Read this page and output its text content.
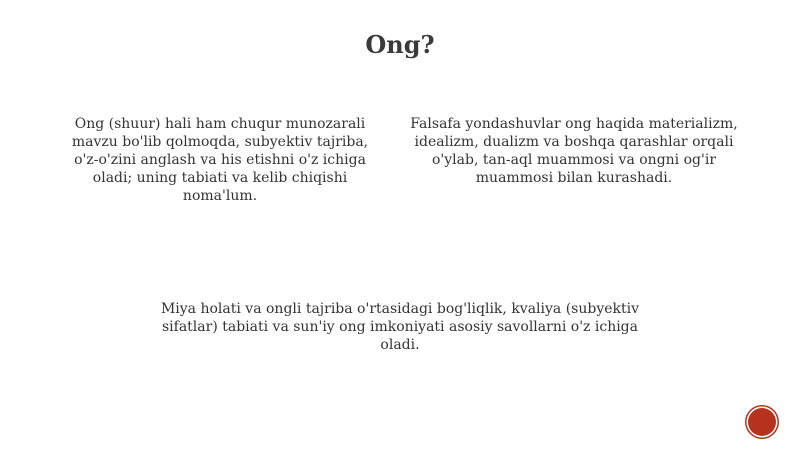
Ong?
Ong (shuur) hali ham chuqur munozarali mavzu bo'lib qolmoqda, subyektiv tajriba, o'z-o'zini anglash va his etishni o'z ichiga oladi; uning tabiati va kelib chiqishi noma'lum.
Falsafa yondashuvlar ong haqida materializm, idealizm, dualizm va boshqa qarashlar orqali o'ylab, tan-aql muammosi va ongni og'ir muammosi bilan kurashadi.
Miya holati va ongli tajriba o'rtasidagi bog'liqlik, kvaliya (subyektiv sifatlar) tabiati va sun'iy ong imkoniyati asosiy savollarni o'z ichiga oladi.
